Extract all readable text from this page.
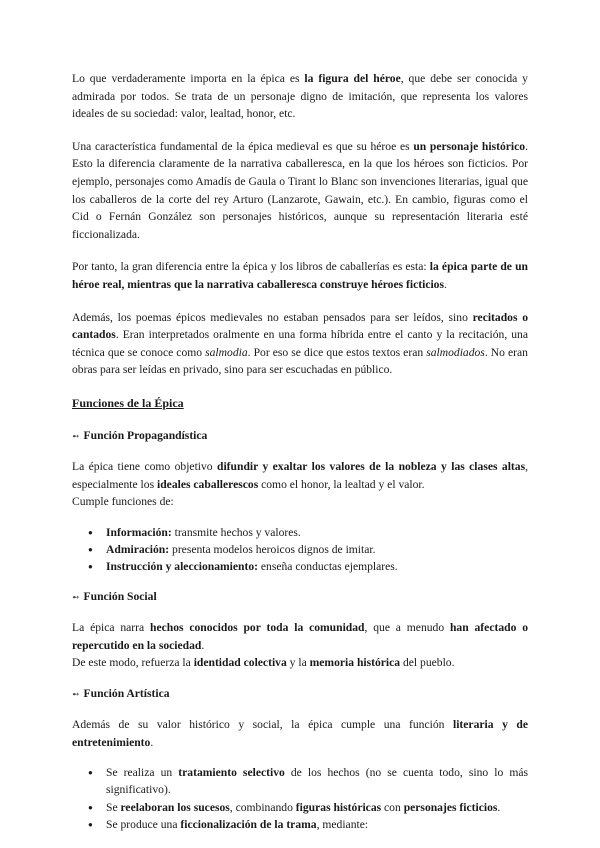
Lo que verdaderamente importa en la épica es la figura del héroe, que debe ser conocida y admirada por todos. Se trata de un personaje digno de imitación, que representa los valores ideales de su sociedad: valor, lealtad, honor, etc.

Una característica fundamental de la épica medieval es que su héroe es un personaje histórico. Esto la diferencia claramente de la narrativa caballeresca, en la que los héroes son ficticios. Por ejemplo, personajes como Amadís de Gaula o Tirant lo Blanc son invenciones literarias, igual que los caballeros de la corte del rey Arturo (Lanzarote, Gawain, etc.). En cambio, figuras como el Cid o Fernán González son personajes históricos, aunque su representación literaria esté ficcionalizada.

Por tanto, la gran diferencia entre la épica y los libros de caballerías es esta: la épica parte de un héroe real, mientras que la narrativa caballeresca construye héroes ficticios.

Además, los poemas épicos medievales no estaban pensados para ser leídos, sino recitados o cantados. Eran interpretados oralmente en una forma híbrida entre el canto y la recitación, una técnica que se conoce como salmodia. Por eso se dice que estos textos eran salmodiados. No eran obras para ser leídas en privado, sino para ser escuchadas en público.

Funciones de la Épica

➻ Función Propagandística

La épica tiene como objetivo difundir y exaltar los valores de la nobleza y las clases altas, especialmente los ideales caballerescos como el honor, la lealtad y el valor.
Cumple funciones de:

● Información: transmite hechos y valores.
● Admiración: presenta modelos heroicos dignos de imitar.
● Instrucción y aleccionamiento: enseña conductas ejemplares.

➻ Función Social

La épica narra hechos conocidos por toda la comunidad, que a menudo han afectado o repercutido en la sociedad.
De este modo, refuerza la identidad colectiva y la memoria histórica del pueblo.

➻ Función Artística

Además de su valor histórico y social, la épica cumple una función literaria y de entretenimiento.

● Se realiza un tratamiento selectivo de los hechos (no se cuenta todo, sino lo más significativo).
● Se reelaboran los sucesos, combinando figuras históricas con personajes ficticios.
● Se produce una ficcionalización de la trama, mediante:
